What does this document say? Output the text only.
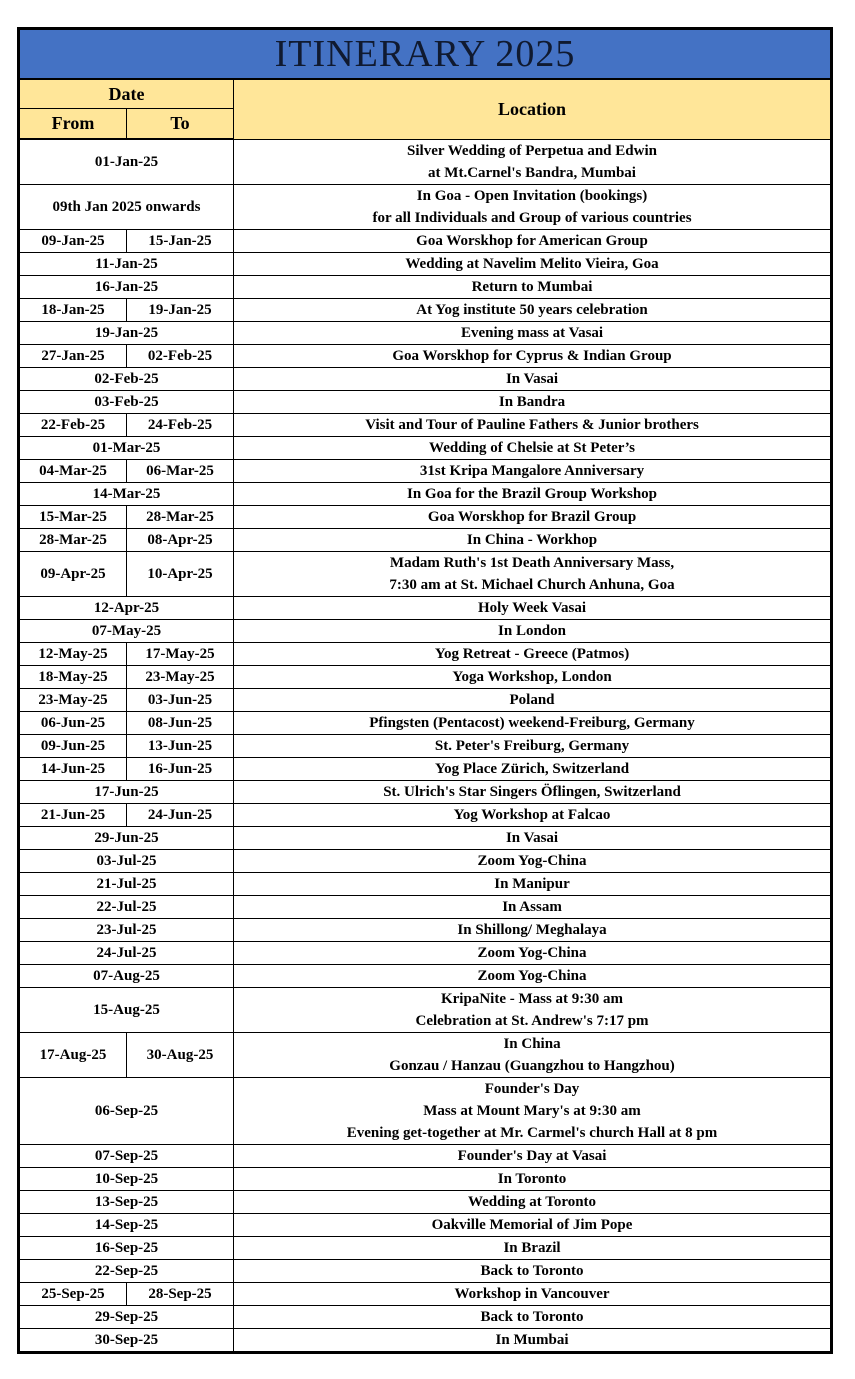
ITINERARY 2025		
Date		Location
From	To	
01-Jan-25		Silver Wedding of Perpetua and Edwin
at Mt.Carnel's Bandra, Mumbai

09th Jan 2025 onwards		In Goa - Open Invitation (bookings)
for all Individuals and Group of various countries

09-Jan-25	15-Jan-25	Goa Worskhop for American Group

11-Jan-25		Wedding at Navelim Melito Vieira, Goa

16-Jan-25		Return to Mumbai

18-Jan-25	19-Jan-25	At Yog institute 50 years celebration

19-Jan-25		Evening mass at Vasai

27-Jan-25	02-Feb-25	Goa Worskhop for Cyprus & Indian Group

02-Feb-25		In Vasai

03-Feb-25		In Bandra

22-Feb-25	24-Feb-25	Visit and Tour of Pauline Fathers & Junior brothers

01-Mar-25		Wedding of Chelsie at St Peter’s

04-Mar-25	06-Mar-25	31st Kripa Mangalore Anniversary

14-Mar-25		In Goa for the Brazil Group Workshop

15-Mar-25	28-Mar-25	Goa Worskhop for Brazil Group

28-Mar-25	08-Apr-25	In China - Workhop

09-Apr-25	10-Apr-25	Madam Ruth's 1st Death Anniversary Mass,
7:30 am at St. Michael Church Anhuna, Goa

12-Apr-25		Holy Week Vasai

07-May-25		In London

12-May-25	17-May-25	Yog Retreat - Greece (Patmos)

18-May-25	23-May-25	Yoga Workshop, London

23-May-25	03-Jun-25	Poland

06-Jun-25	08-Jun-25	Pfingsten (Pentacost) weekend-Freiburg, Germany

09-Jun-25	13-Jun-25	St. Peter's Freiburg, Germany

14-Jun-25	16-Jun-25	Yog Place Zürich, Switzerland

17-Jun-25		St. Ulrich's Star Singers Öflingen, Switzerland

21-Jun-25	24-Jun-25	Yog Workshop at Falcao

29-Jun-25		In Vasai

03-Jul-25		Zoom Yog-China

21-Jul-25		In Manipur

22-Jul-25		In Assam

23-Jul-25		In Shillong/ Meghalaya

24-Jul-25		Zoom Yog-China

07-Aug-25		Zoom Yog-China

15-Aug-25		KripaNite - Mass at 9:30 am
Celebration at St. Andrew's 7:17 pm

17-Aug-25	30-Aug-25	In China
Gonzau / Hanzau (Guangzhou to Hangzhou)

06-Sep-25		Founder's Day
Mass at Mount Mary's at 9:30 am
Evening get-together at Mr. Carmel's church Hall at 8 pm

07-Sep-25		Founder's Day at Vasai

10-Sep-25		In Toronto

13-Sep-25		Wedding at Toronto

14-Sep-25		Oakville Memorial of Jim Pope

16-Sep-25		In Brazil

22-Sep-25		Back to Toronto

25-Sep-25	28-Sep-25	Workshop in Vancouver

29-Sep-25		Back to Toronto

30-Sep-25		In Mumbai
